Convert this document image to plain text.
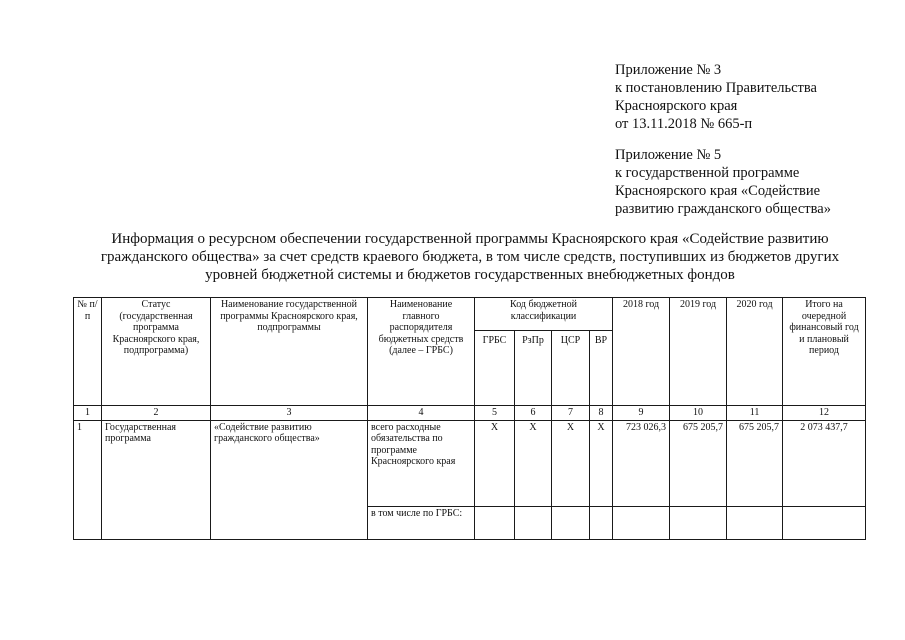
Приложение № 3
к постановлению Правительства
Красноярского края
от 13.11.2018 № 665-п
Приложение № 5
к государственной программе
Красноярского края «Содействие
развитию гражданского общества»
Информация о ресурсном обеспечении государственной программы Красноярского края «Содействие развитию
гражданского общества» за счет средств краевого бюджета, в том числе средств, поступивших из бюджетов других
уровней бюджетной системы и бюджетов государственных внебюджетных фондов
№ п/п	Статус (государственная программа Красноярского края, подпрограмма)	Наименование государственной программы Красноярского края, подпрограммы	Наименование главного распорядителя бюджетных средств (далее – ГРБС)	Код бюджетной классификации				2018 год	2019 год	2020 год	Итого на очередной финансовый год и плановый период
				ГРБС	РзПр	ЦСР	ВР				
1	2	3	4	5	6	7	8	9	10	11	12
1	Государственная программа	«Содействие развитию гражданского общества»	всего расходные обязательства по программе Красноярского края	Х	Х	Х	Х	723 026,3	675 205,7	675 205,7	2 073 437,7
			в том числе по ГРБС:								
